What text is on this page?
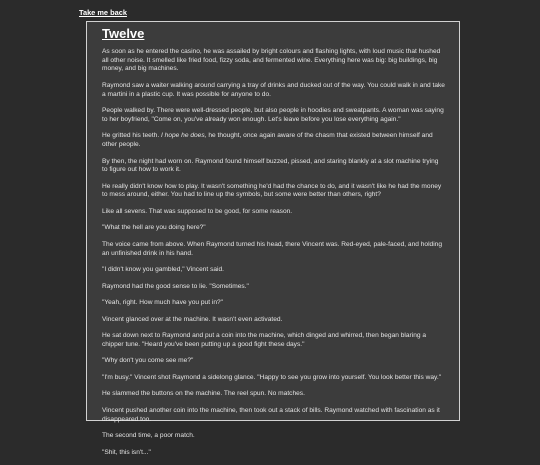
Take me back
Twelve

As soon as he entered the casino, he was assailed by bright colours and flashing lights, with loud music that hushed all other noise. It smelled like fried food, fizzy soda, and fermented wine. Everything here was big: big buildings, big money, and big machines.

Raymond saw a waiter walking around carrying a tray of drinks and ducked out of the way. You could walk in and take a martini in a plastic cup. It was possible for anyone to do.

People walked by. There were well-dressed people, but also people in hoodies and sweatpants. A woman was saying to her boyfriend, "Come on, you've already won enough. Let's leave before you lose everything again."

He gritted his teeth. I hope he does, he thought, once again aware of the chasm that existed between himself and other people.

By then, the night had worn on. Raymond found himself buzzed, pissed, and staring blankly at a slot machine trying to figure out how to work it.

He really didn't know how to play. It wasn't something he'd had the chance to do, and it wasn't like he had the money to mess around, either. You had to line up the symbols, but some were better than others, right?

Like all sevens. That was supposed to be good, for some reason.

"What the hell are you doing here?"

The voice came from above. When Raymond turned his head, there Vincent was. Red-eyed, pale-faced, and holding an unfinished drink in his hand.

"I didn't know you gambled," Vincent said.

Raymond had the good sense to lie. "Sometimes."

"Yeah, right. How much have you put in?"

Vincent glanced over at the machine. It wasn't even activated.

He sat down next to Raymond and put a coin into the machine, which dinged and whirred, then began blaring a chipper tune. "Heard you've been putting up a good fight these days."

"Why don't you come see me?"

"I'm busy." Vincent shot Raymond a sidelong glance. "Happy to see you grow into yourself. You look better this way."

He slammed the buttons on the machine. The reel spun. No matches.

Vincent pushed another coin into the machine, then took out a stack of bills. Raymond watched with fascination as it disappeared too.

The second time, a poor match.

"Shit, this isn't..."
